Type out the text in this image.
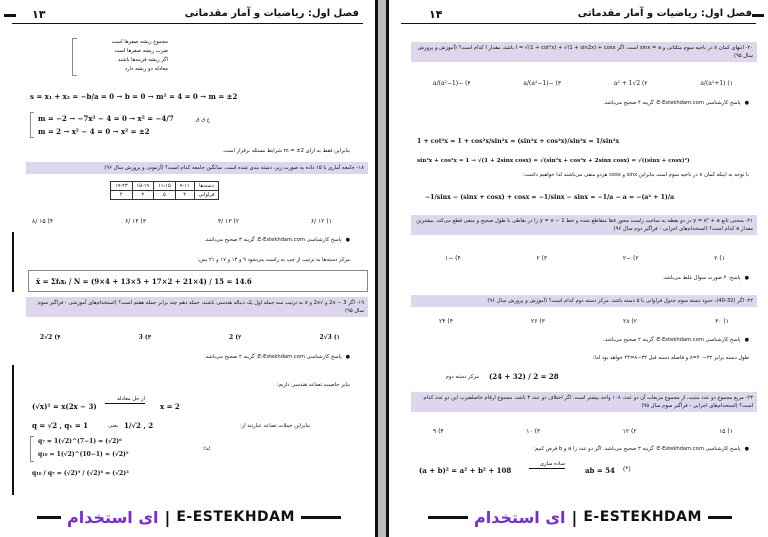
۱۳	فصل اول: ریاضیات و آمار مقدماتی
مجموع ریشه صفرها است
ضرب ریشه صفرها است
اگر ریشه قرینه‌ها باشند
معادله دو ریشه دارد
s = x₁ + x₂ = −b/a = 0 → b = 0 → m² = 4 = 0 → m = ±2
m = −2 → −7x² − 4 = 0 → x² = −4/7
m = 2 → x² − 4 = 0 → x² = ±2
غ ق ق
بنابراین فقط به ازای m = ±2 شرایط مسئله برقرار است.
۱۸- جامعه آماری با ۱۵ داده به صورت زیر، دسته بندی شده است. میانگین جامعه کدام است؟ (آزمونی و پرورش سال ۹۶)
دسته‌ها	۷-۱۱	۱۱-۱۵	۱۵-۱۹	۱۹-۲۳
فراوانی	۴	۵	۲	۴
۱) ۱۲ /۶
۲) ۱۳ /۴
۳) ۱۴ /۶
۴) ۱۵ /۸
● پاسخ کارشناسی E-Estekhdam.com: گزینه ۳ صحیح می‌باشد.
مرکز دسته‌ها به ترتیب از چپ به راست می‌شود ۹ و ۱۳ و ۱۷ و ۲۱ پس:
x̄ = Σfᵢxᵢ / N = (9×4 + 13×5 + 17×2 + 21×4) / 15 = 14.6
۱۹- اگر 2x − 3 و √2x و x به ترتیب سه جمله اول یک دنباله هندسی باشند، جمله دهم چند برابر جمله هفتم است؟ (استخدام‌های آموزشی - فراگیر سوم سال ۹۵)
۱) 3√2
۲) 2
۳) 3
۴) 2√2
● پاسخ کارشناسی E-Estekhdam.com: گزینه ۲ صحیح می‌باشد.
بنابر خاصیت تصاعد هندسی داریم:
(√x)² = x(2x − 3)
از حل معادله
x = 2
q = √2 , q₁ = 1	یعنی 1/√2 , 2	بنابراین جملات تصاعد عبارتند از:
q₇ = 1(√2)^(7−1) = (√2)⁶
q₁₀ = 1(√2)^(10−1) = (√2)⁹
لذا:
q₁₀ / q₇ = (√2)⁹ / (√2)⁶ = (√2)³
ای استخدام | E-ESTEKHDAM
۱۴	فصل اول: ریاضیات و آمار مقدماتی
۲۰- انتهای کمان x در ناحیه سوم مثلثاتی و sinx = a است. اگر I = √(1 + cot²x) + √(1 + sin2x) + cosx باشد، مقدار I کدام است؟ (آموزش و پرورش سال ۹۵)
۱) (a²+1)/a
۲) 2√1 + a²
۳) −(a²−1)/a
۴) −(a²−1)/a
● پاسخ کارشناسی E-Estekhdam.com: گزینه ۴ صحیح می‌باشد.
1 + cot²x = 1 + cos²x/sin²x = (sin²x + cos²x)/sin²x = 1/sin²x
sin²x + cos²x = 1 → √(1 + 2sinx cosx) = √(sin²x + cos²x + 2sinx cosx) = √((sinx + cosx)²)
با توجه به اینکه کمان x در ناحیه سوم است بنابراین sinx و cosx هردو منفی می‌باشند لذا خواهیم داشت:
−1/sinx − (sinx + cosx) + cosx = −1/sinx − sinx = −1/a − a = −(a² + 1)/a
۲۱- منحنی تابع y = x² + a در دو نقطه به ساحت راست محور xها متقاطع شده و خط y = x − 1 را در نقاطی با طول صحیح و منفی قطع می‌کند. بیشترین مقدار a کدام است؟ (استخدام‌های اجرایی - فراگیر دوم سال ۹۶)
۱) ۲
۲) −۲
۳) ۲
۴) −۱
● پاسخ: ۴ صورت سوال غلط می‌باشد.
۲۲- اگر (32-40)، حدود دسته سوم جدول فراوانی با ۵ دسته باشد، مرکز دسته دوم کدام است؟ (آموزش و پرورش سال ۹۶)
۱) ۳۰
۲) ۲۸
۳) ۲۶
۴) ۲۴
● پاسخ کارشناسی E-Estekhdam.com: گزینه ۲ صحیح می‌باشد.
طول دسته برابر ۳۲−۴۰=۸ و فاصله دسته قبل ۳۲−۸=۲۴ خواهد بود لذا:
(24 + 32) / 2 = 28
مرکز دسته دوم
۲۳- مربع مجموع دو عدد مثبت، از مجموع مربعات آن دو عدد، ۱۰۸ واحد بیشتر است. اگر اختلاف دو عدد ۳ باشد، مجموع ارقام حاصلضرب این دو عدد کدام است؟ (استخدام‌های اجرایی - فراگیر سوم سال ۹۵)
۱) ۱۵
۲) ۱۲
۳) ۱۰
۴) ۹
● پاسخ کارشناسی E-Estekhdam.com: گزینه ۳ صحیح می‌باشد. اگر دو عدد را a و b فرض کنیم:
(a + b)² = a² + b² + 108
ساده سازی
ab = 54 (*)
ای استخدام | E-ESTEKHDAM
